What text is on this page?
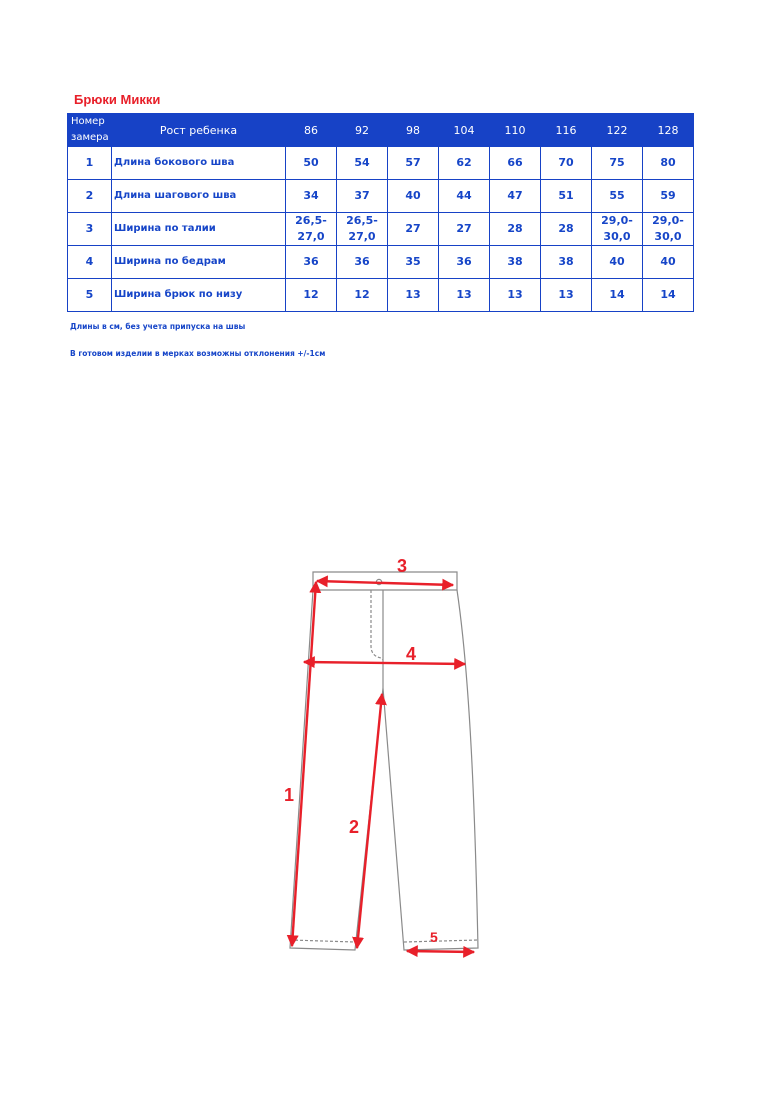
Брюки Микки
Номер замера	Рост ребенка	86	92	98	104	110	116	122	128
1	Длина бокового шва	50	54	57	62	66	70	75	80
2	Длина шагового шва	34	37	40	44	47	51	55	59
3	Ширина по талии	26,5-27,0	26,5-27,0	27	27	28	28	29,0-30,0	29,0-30,0
4	Ширина по бедрам	36	36	35	36	38	38	40	40
5	Ширина брюк по низу	12	12	13	13	13	13	14	14
Длины в см, без учета припуска на швы
В готовом изделии в мерках возможны отклонения +/-1см
1
2
3
4
5
